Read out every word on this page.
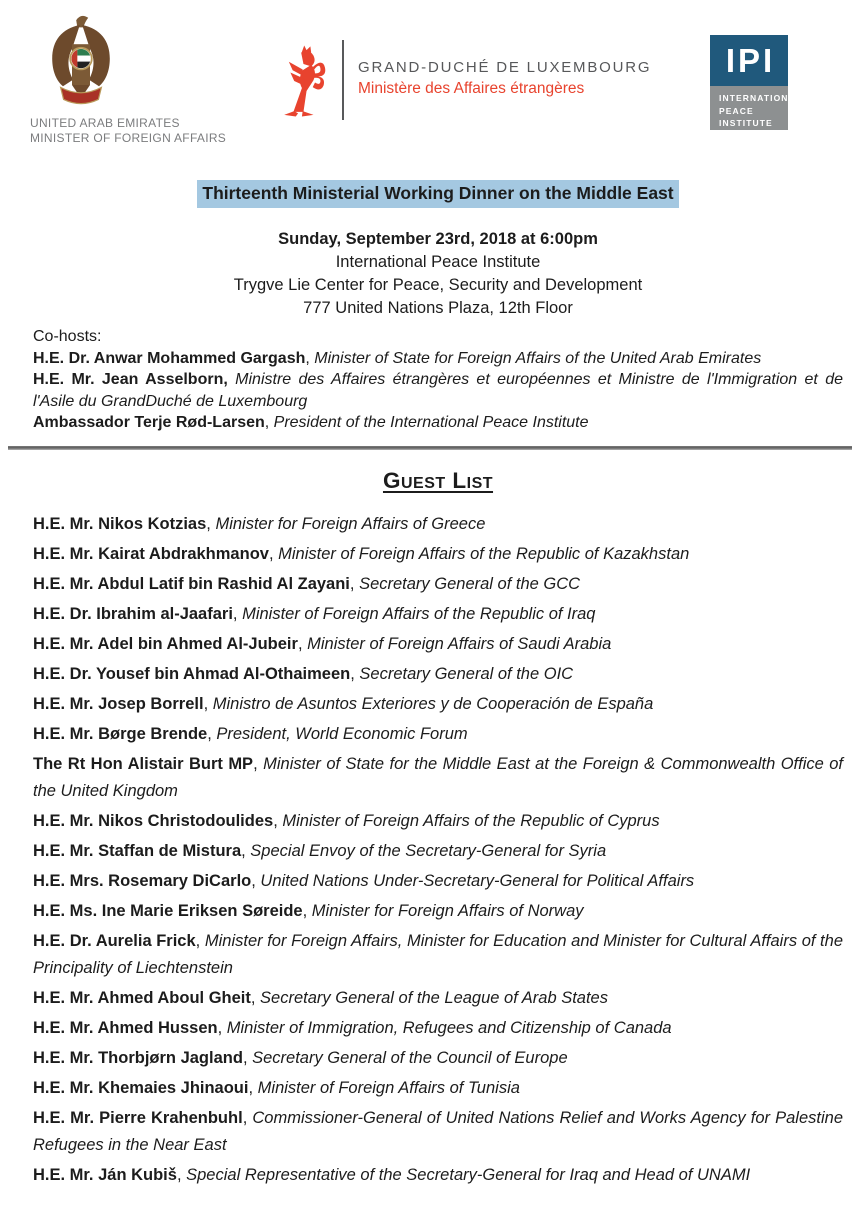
UNITED ARAB EMIRATES
MINISTER OF FOREIGN AFFAIRS
GRAND-DUCHÉ DE LUXEMBOURG
Ministère des Affaires étrangères
IPI
INTERNATIONAL
PEACE
INSTITUTE
Thirteenth Ministerial Working Dinner on the Middle East
Sunday, September 23rd, 2018 at 6:00pm
International Peace Institute
Trygve Lie Center for Peace, Security and Development
777 United Nations Plaza, 12th Floor

Co-hosts:

H.E. Dr. Anwar Mohammed Gargash, Minister of State for Foreign Affairs of the United Arab Emirates

H.E. Mr. Jean Asselborn, Ministre des Affaires étrangères et européennes et Ministre de l'Immigration et de l'Asile du GrandDuché de Luxembourg

Ambassador Terje Rød-Larsen, President of the International Peace Institute

Guest List

H.E. Mr. Nikos Kotzias, Minister for Foreign Affairs of Greece

H.E. Mr. Kairat Abdrakhmanov, Minister of Foreign Affairs of the Republic of Kazakhstan

H.E. Mr. Abdul Latif bin Rashid Al Zayani, Secretary General of the GCC

H.E. Dr. Ibrahim al-Jaafari, Minister of Foreign Affairs of the Republic of Iraq

H.E. Mr. Adel bin Ahmed Al-Jubeir, Minister of Foreign Affairs of Saudi Arabia

H.E. Dr. Yousef bin Ahmad Al-Othaimeen, Secretary General of the OIC

H.E. Mr. Josep Borrell, Ministro de Asuntos Exteriores y de Cooperación de España

H.E. Mr. Børge Brende, President, World Economic Forum

The Rt Hon Alistair Burt MP, Minister of State for the Middle East at the Foreign & Commonwealth Office of the United Kingdom

H.E. Mr. Nikos Christodoulides, Minister of Foreign Affairs of the Republic of Cyprus

H.E. Mr. Staffan de Mistura, Special Envoy of the Secretary-General for Syria

H.E. Mrs. Rosemary DiCarlo, United Nations Under-Secretary-General for Political Affairs

H.E. Ms. Ine Marie Eriksen Søreide, Minister for Foreign Affairs of Norway

H.E. Dr. Aurelia Frick, Minister for Foreign Affairs, Minister for Education and Minister for Cultural Affairs of the Principality of Liechtenstein

H.E. Mr. Ahmed Aboul Gheit, Secretary General of the League of Arab States

H.E. Mr. Ahmed Hussen, Minister of Immigration, Refugees and Citizenship of Canada

H.E. Mr. Thorbjørn Jagland, Secretary General of the Council of Europe

H.E. Mr. Khemaies Jhinaoui, Minister of Foreign Affairs of Tunisia

H.E. Mr. Pierre Krahenbuhl, Commissioner-General of United Nations Relief and Works Agency for Palestine Refugees in the Near East

H.E. Mr. Ján Kubiš, Special Representative of the Secretary-General for Iraq and Head of UNAMI
